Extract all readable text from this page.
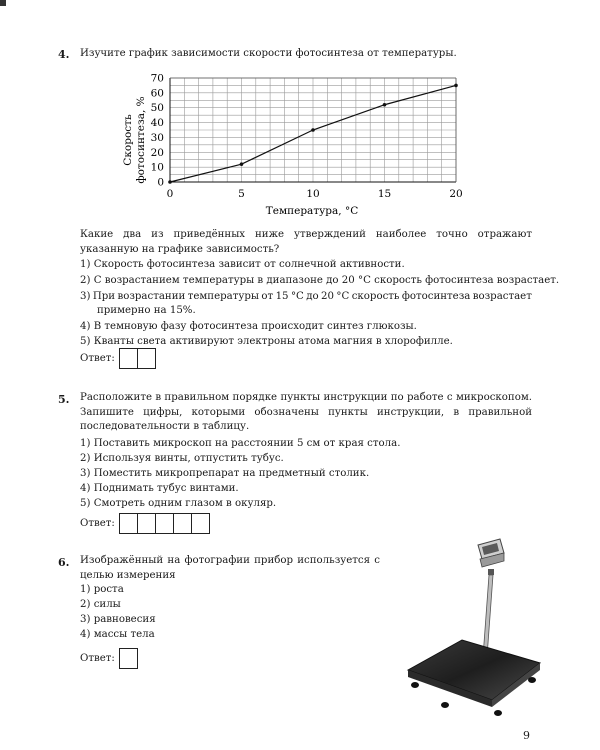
4. Изучите график зависимости скорости фотосинтеза от температуры.
0
10
20
30
40
50
60
70
0	5	10	15	20
Скорость фотосинтеза, %
Температура, °C
Какие два из приведённых ниже утверждений наиболее точно отражают указанную на графике зависимость?
1) Скорость фотосинтеза зависит от солнечной активности.
2) С возрастанием температуры в диапазоне до 20 °C скорость фотосинтеза возрастает.
3) При возрастании температуры от 15 °C до 20 °C скорость фотосинтеза возрастает
примерно на 15%.
4) В темновую фазу фотосинтеза происходит синтез глюкозы.
5) Кванты света активируют электроны атома магния в хлорофилле.
Ответ:
5. Расположите в правильном порядке пункты инструкции по работе с микроскопом. Запишите цифры, которыми обозначены пункты инструкции, в правильной последовательности в таблицу.
1) Поставить микроскоп на расстоянии 5 см от края стола.
2) Используя винты, отпустить тубус.
3) Поместить микропрепарат на предметный столик.
4) Поднимать тубус винтами.
5) Смотреть одним глазом в окуляр.
Ответ:
6. Изображённый на фотографии прибор используется с целью измерения
1) роста
2) силы
3) равновесия
4) массы тела
Ответ:
9
